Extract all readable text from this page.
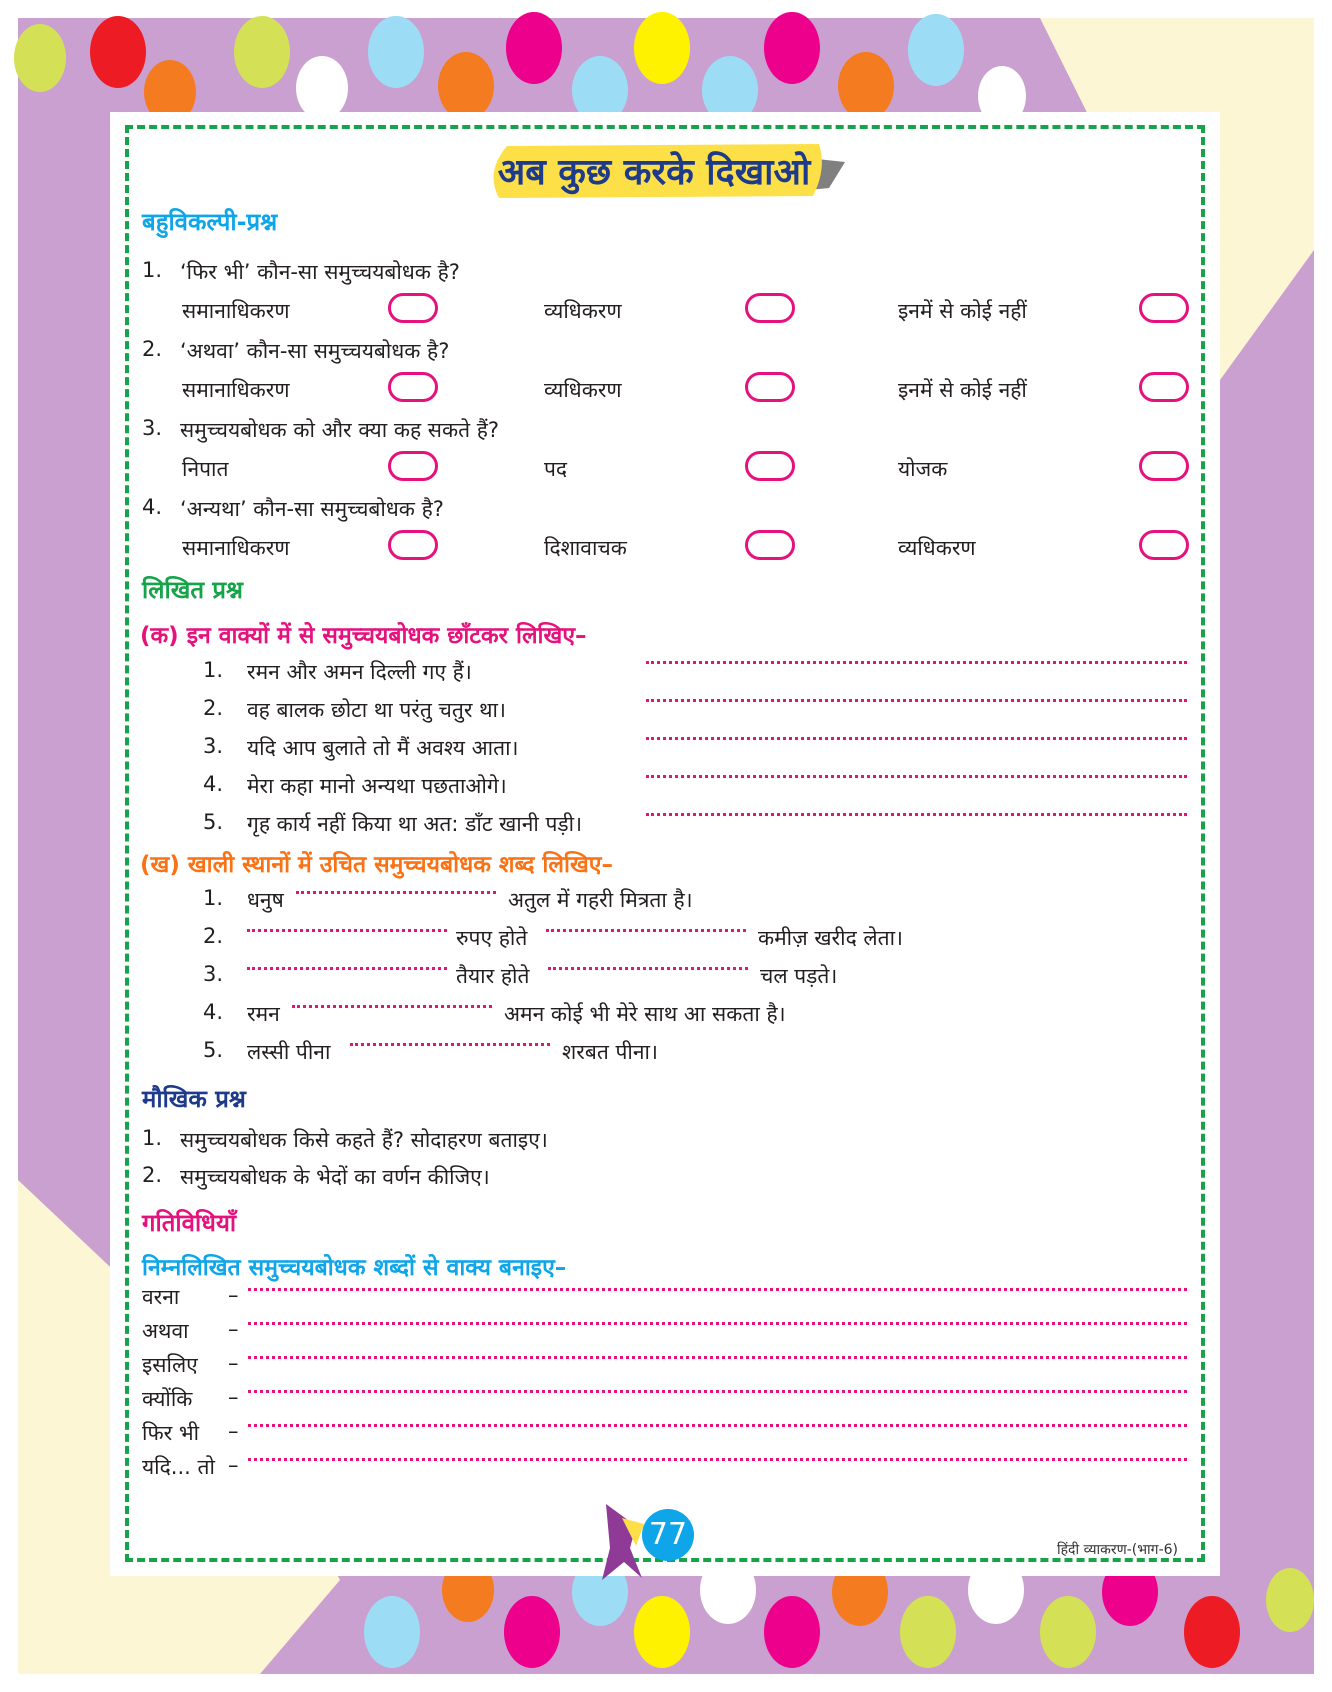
अब कुछ करके दिखाओ
बहुविकल्पी-प्रश्न
1. ‘फिर भी’ कौन-सा समुच्चयबोधक है?
समानाधिकरण	व्यधिकरण	इनमें से कोई नहीं
2. ‘अथवा’ कौन-सा समुच्चयबोधक है?
समानाधिकरण	व्यधिकरण	इनमें से कोई नहीं
3. समुच्चयबोधक को और क्या कह सकते हैं?
निपात	पद	योजक
4. ‘अन्यथा’ कौन-सा समुच्चबोधक है?
समानाधिकरण	दिशावाचक	व्यधिकरण
लिखित प्रश्न
(क) इन वाक्यों में से समुच्चयबोधक छाँटकर लिखिए–
1. रमन और अमन दिल्ली गए हैं।
2. वह बालक छोटा था परंतु चतुर था।
3. यदि आप बुलाते तो मैं अवश्य आता।
4. मेरा कहा मानो अन्यथा पछताओगे।
5. गृह कार्य नहीं किया था अत: डाँट खानी पड़ी।
(ख) खाली स्थानों में उचित समुच्चयबोधक शब्द लिखिए–
1. धनुष	अतुल में गहरी मित्रता है।
2.	रुपए होते	कमीज़ खरीद लेता।
3.	तैयार होते	चल पड़ते।
4. रमन	अमन कोई भी मेरे साथ आ सकता है।
5. लस्सी पीना	शरबत पीना।
मौखिक प्रश्न
1. समुच्चयबोधक किसे कहते हैं? सोदाहरण बताइए।
2. समुच्चयबोधक के भेदों का वर्णन कीजिए।
गतिविधियाँ
निम्नलिखित समुच्चयबोधक शब्दों से वाक्य बनाइए–
वरना –
अथवा –
इसलिए –
क्योंकि –
फिर भी –
यदि... तो –
77	हिंदी व्याकरण-(भाग-6)
